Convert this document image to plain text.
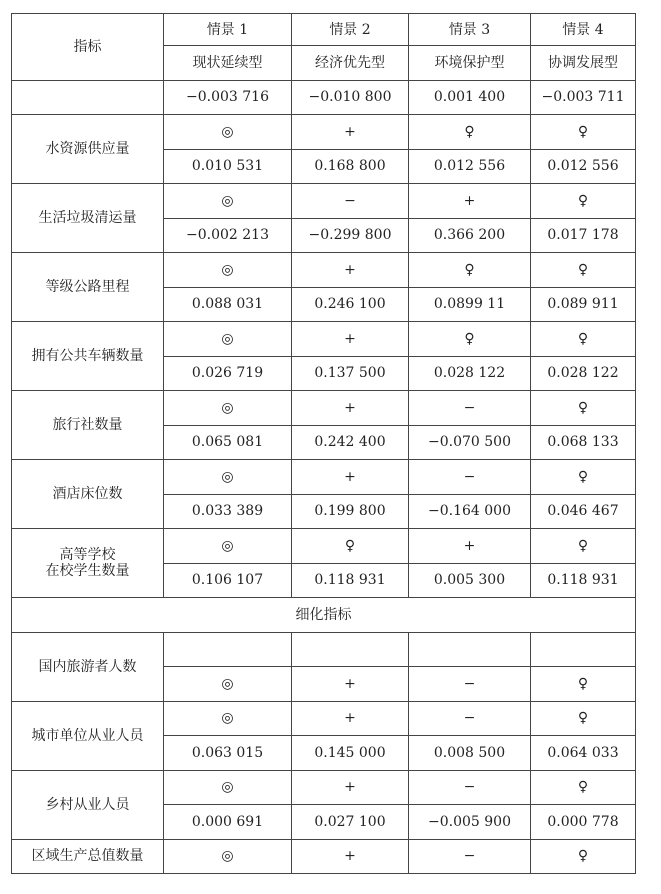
指标	情景 1	情景 2	情景 3	情景 4
	现状延续型	经济优先型	环境保护型	协调发展型
	−0.003 716	−0.010 800	0.001 400	−0.003 711
水资源供应量	◎	+	♀	♀
	0.010 531	0.168 800	0.012 556	0.012 556
生活垃圾清运量	◎	−	+	♀
	−0.002 213	−0.299 800	0.366 200	0.017 178
等级公路里程	◎	+	♀	♀
	0.088 031	0.246 100	0.0899 11	0.089 911
拥有公共车辆数量	◎	+	♀	♀
	0.026 719	0.137 500	0.028 122	0.028 122
旅行社数量	◎	+	−	♀
	0.065 081	0.242 400	−0.070 500	0.068 133
酒店床位数	◎	+	−	♀
	0.033 389	0.199 800	−0.164 000	0.046 467
高等学校
在校学生数量	◎	♀	+	♀
	0.106 107	0.118 931	0.005 300	0.118 931
细化指标				
国内旅游者人数				
	◎	+	−	♀
城市单位从业人员	◎	+	−	♀
	0.063 015	0.145 000	0.008 500	0.064 033
乡村从业人员	◎	+	−	♀
	0.000 691	0.027 100	−0.005 900	0.000 778
区域生产总值数量	◎	+	−	♀
